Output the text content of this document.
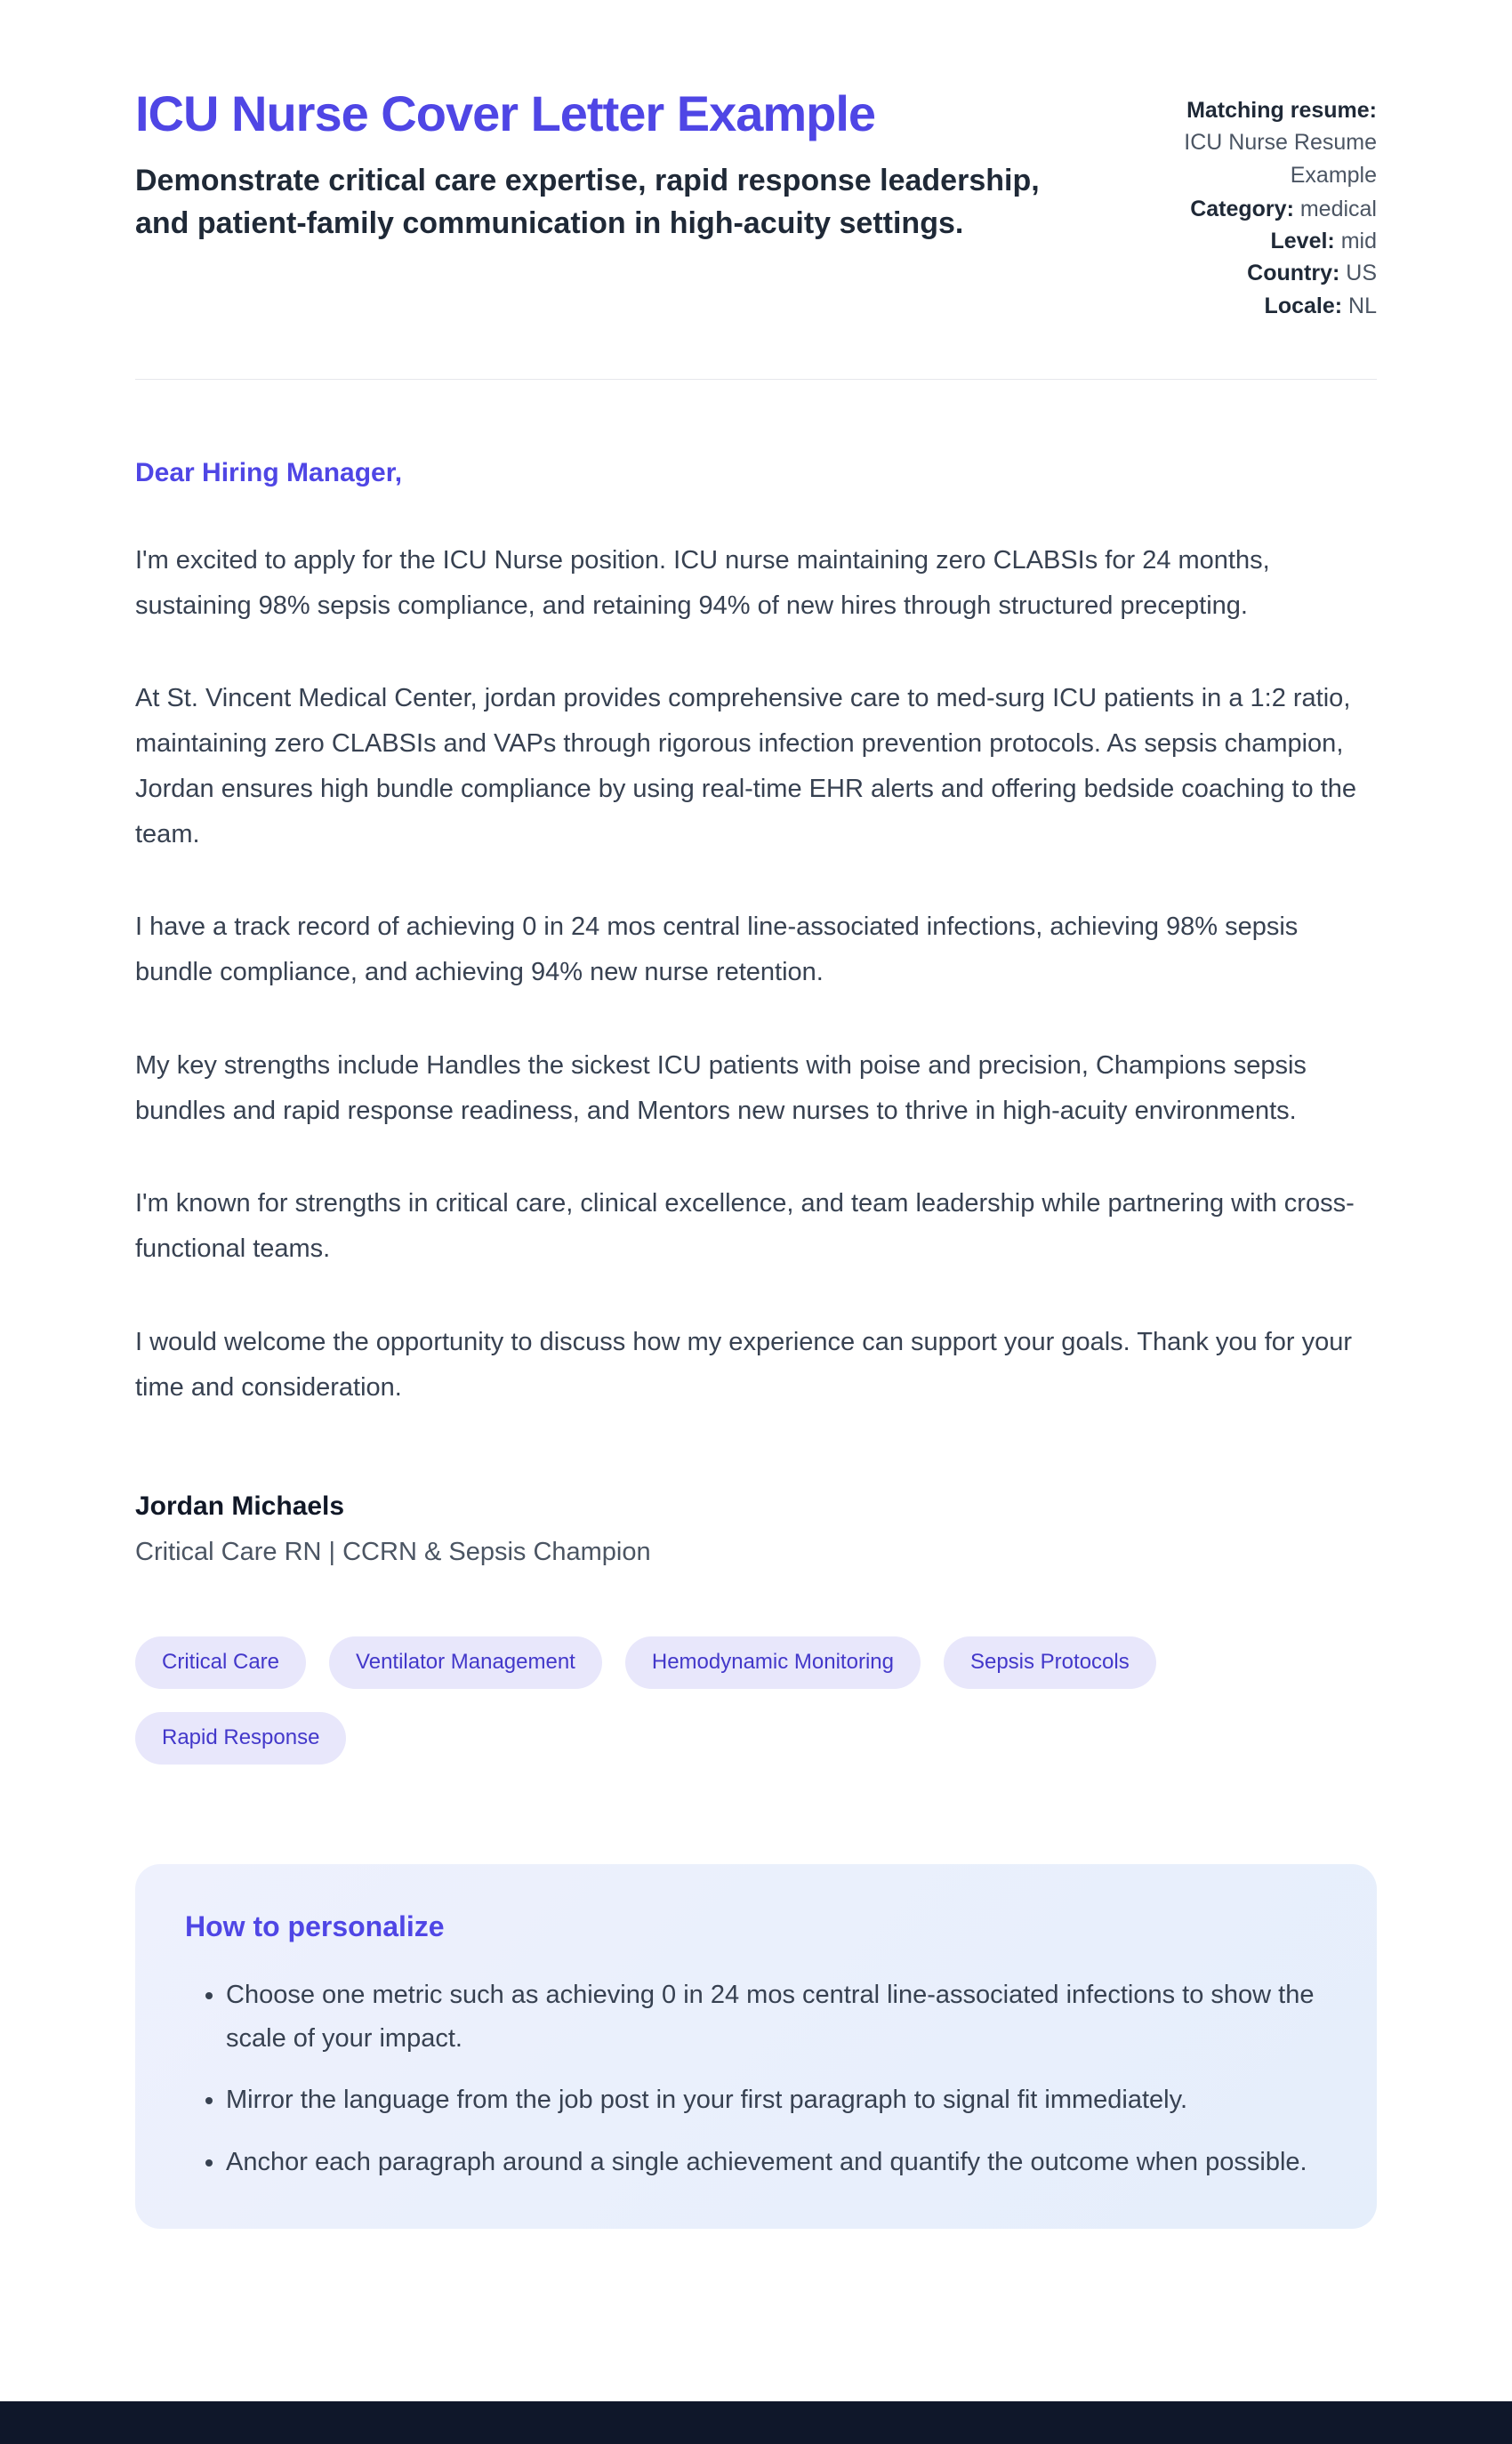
ICU Nurse Cover Letter Example

Demonstrate critical care expertise, rapid response leadership, and patient-family communication in high-acuity settings.

Matching resume:
ICU Nurse Resume Example
Category: medical
Level: mid
Country: US
Locale: NL

Dear Hiring Manager,

I'm excited to apply for the ICU Nurse position. ICU nurse maintaining zero CLABSIs for 24 months, sustaining 98% sepsis compliance, and retaining 94% of new hires through structured precepting.

At St. Vincent Medical Center, jordan provides comprehensive care to med-surg ICU patients in a 1:2 ratio, maintaining zero CLABSIs and VAPs through rigorous infection prevention protocols. As sepsis champion, Jordan ensures high bundle compliance by using real-time EHR alerts and offering bedside coaching to the team.

I have a track record of achieving 0 in 24 mos central line-associated infections, achieving 98% sepsis bundle compliance, and achieving 94% new nurse retention.

My key strengths include Handles the sickest ICU patients with poise and precision, Champions sepsis bundles and rapid response readiness, and Mentors new nurses to thrive in high-acuity environments.

I'm known for strengths in critical care, clinical excellence, and team leadership while partnering with cross-functional teams.

I would welcome the opportunity to discuss how my experience can support your goals. Thank you for your time and consideration.

Jordan Michaels

Critical Care RN | CCRN & Sepsis Champion

Critical Care	Ventilator Management	Hemodynamic Monitoring	Sepsis Protocols
Rapid Response
How to personalize
• Choose one metric such as achieving 0 in 24 mos central line-associated infections to show the scale of your impact.
• Mirror the language from the job post in your first paragraph to signal fit immediately.
• Anchor each paragraph around a single achievement and quantify the outcome when possible.
